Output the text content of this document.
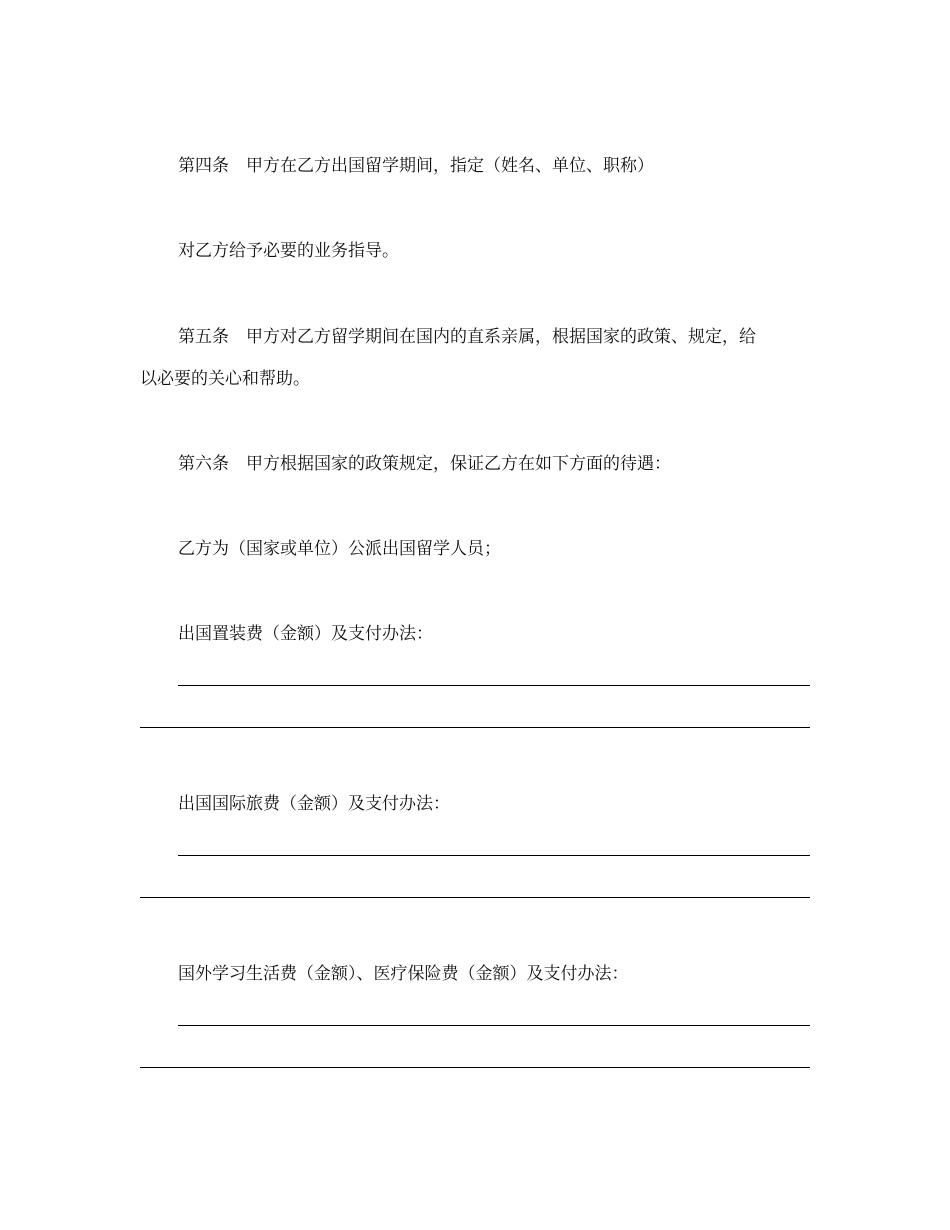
第四条　甲方在乙方出国留学期间，指定（姓名、单位、职称）
对乙方给予必要的业务指导。
第五条　甲方对乙方留学期间在国内的直系亲属，根据国家的政策、规定，给
以必要的关心和帮助。
第六条　甲方根据国家的政策规定，保证乙方在如下方面的待遇：
乙方为（国家或单位）公派出国留学人员；
出国置装费（金额）及支付办法：
出国国际旅费（金额）及支付办法：
国外学习生活费（金额）、医疗保险费（金额）及支付办法：
